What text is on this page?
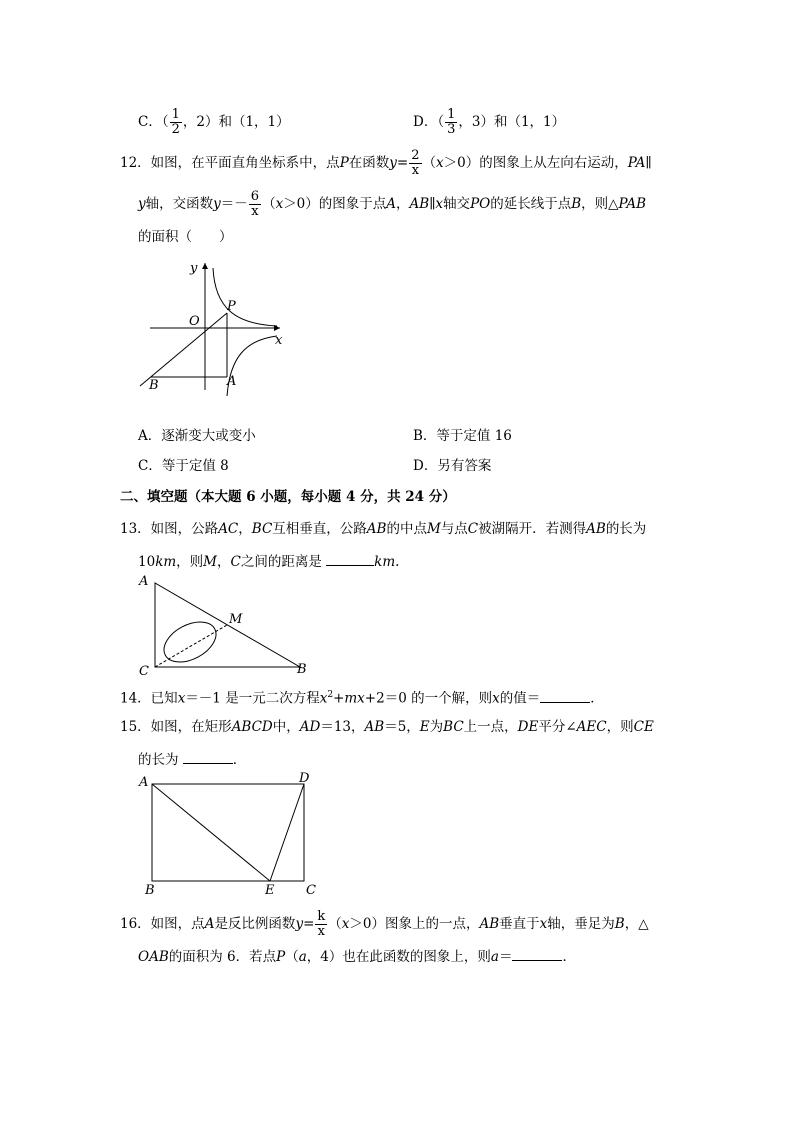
C．（ $\frac{1}{2}$ ，2）和（1，1）	D．（ $\frac{1}{3}$ ，3）和（1，1）
12．如图，在平面直角坐标系中，点P在函数$y= \frac{2}{x} (x>0)$的图象上从左向右运动，PA∥
y轴，交函数$y=- \frac{6}{x} (x>0)$的图象于点A，AB∥x轴交PO的延长线于点B，则△PAB
的面积（　　）
y
O
P
x
B	A
A．逐渐变大或变小	B．等于定值 16
C．等于定值 8	D．另有答案
二、填空题（本大题 6 小题，每小题 4 分，共 24 分）
13．如图，公路AC，BC互相垂直，公路AB的中点M与点C被湖隔开．若测得AB的长为
10km，则M，C之间的距离是	km.
A
M
C	B
14．已知x＝－1 是一元二次方程$x^2+mx+2=0$ 的一个解，则x的值＝	．
15．如图，在矩形ABCD中，AD＝13，AB＝5，E为BC上一点，DE平分∠AEC，则CE
的长为	．
A	D
B	E C
16．如图，点A是反比例函数$y= \frac{k}{x} (x>0)$图象上的一点，AB垂直于x轴，垂足为B，△
OAB的面积为 6．若点P（a，4）也在此函数的图象上，则a＝	．
